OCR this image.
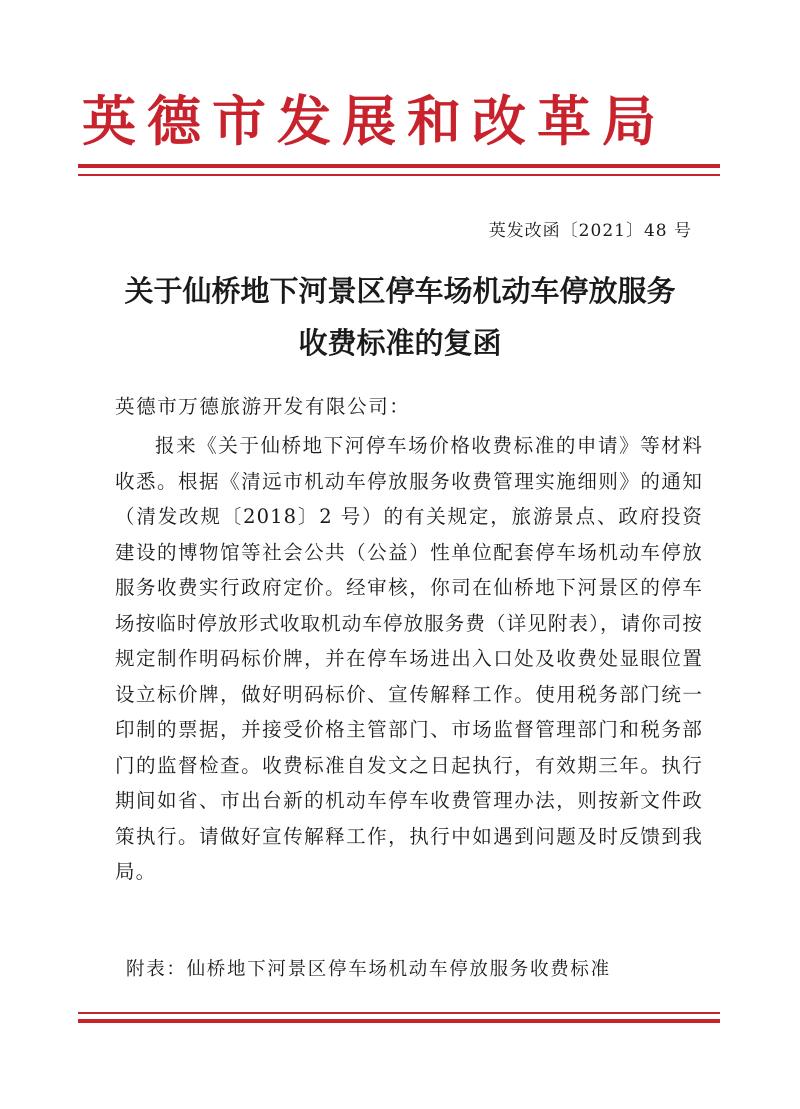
英德市发展和改革局
英发改函〔2021〕48 号
关于仙桥地下河景区停车场机动车停放服务
收费标准的复函
英德市万德旅游开发有限公司：

报来《关于仙桥地下河停车场价格收费标准的申请》等材料收悉。根据《清远市机动车停放服务收费管理实施细则》的通知（清发改规〔2018〕2 号）的有关规定，旅游景点、政府投资建设的博物馆等社会公共（公益）性单位配套停车场机动车停放服务收费实行政府定价。经审核，你司在仙桥地下河景区的停车场按临时停放形式收取机动车停放服务费（详见附表），请你司按规定制作明码标价牌，并在停车场进出入口处及收费处显眼位置设立标价牌，做好明码标价、宣传解释工作。使用税务部门统一印制的票据，并接受价格主管部门、市场监督管理部门和税务部门的监督检查。收费标准自发文之日起执行，有效期三年。执行期间如省、市出台新的机动车停车收费管理办法，则按新文件政策执行。请做好宣传解释工作，执行中如遇到问题及时反馈到我局。

附表：仙桥地下河景区停车场机动车停放服务收费标准
